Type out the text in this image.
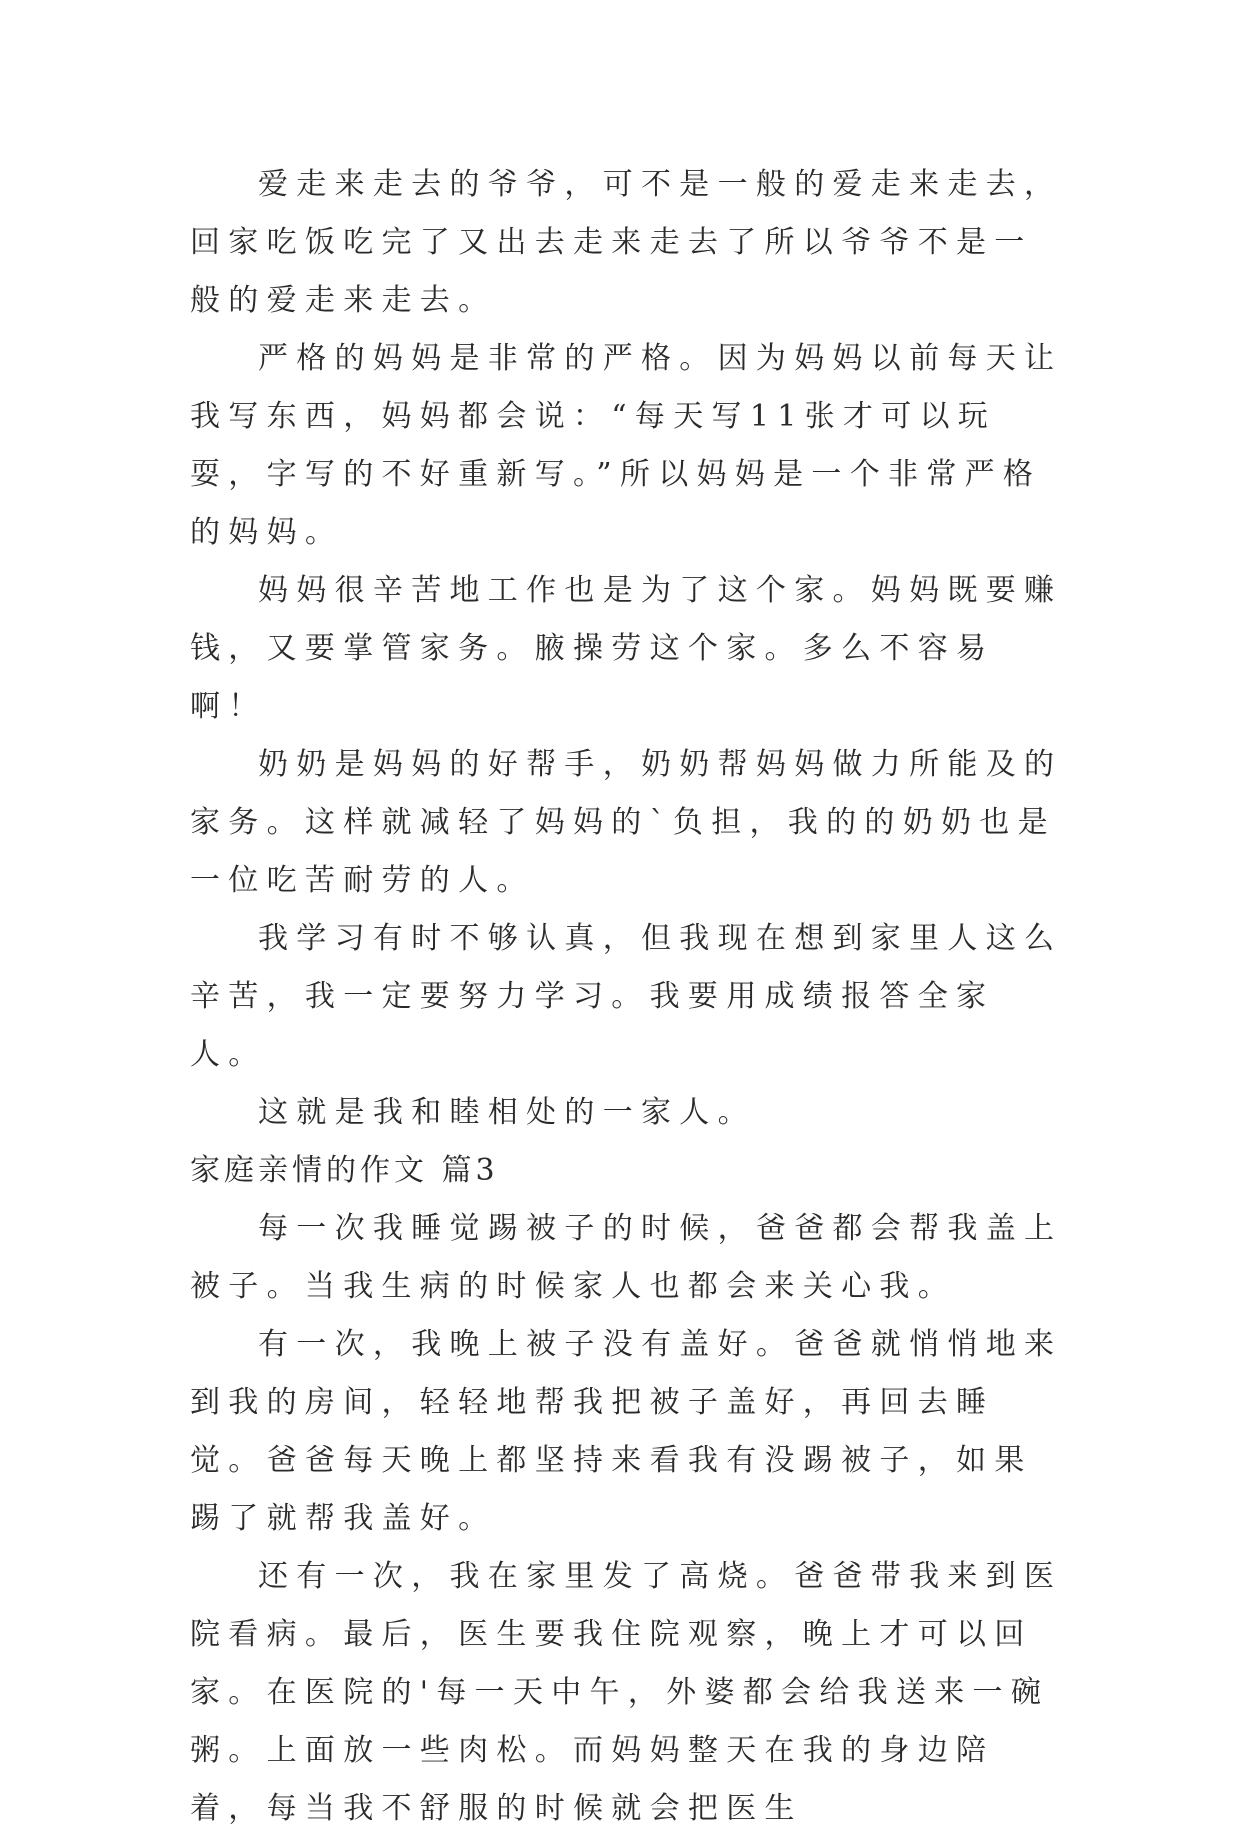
爱走来走去的爷爷，可不是一般的爱走来走去，回家吃饭吃完了又出去走来走去了所以爷爷不是一般的爱走来走去。

严格的妈妈是非常的严格。因为妈妈以前每天让我写东西，妈妈都会说：“每天写11张才可以玩耍，字写的不好重新写。”所以妈妈是一个非常严格的妈妈。

妈妈很辛苦地工作也是为了这个家。妈妈既要赚钱，又要掌管家务。腋操劳这个家。多么不容易啊！

奶奶是妈妈的好帮手，奶奶帮妈妈做力所能及的家务。这样就减轻了妈妈的`负担，我的的奶奶也是一位吃苦耐劳的人。

我学习有时不够认真，但我现在想到家里人这么辛苦，我一定要努力学习。我要用成绩报答全家人。

这就是我和睦相处的一家人。

家庭亲情的作文 篇3

每一次我睡觉踢被子的时候，爸爸都会帮我盖上被子。当我生病的时候家人也都会来关心我。

有一次，我晚上被子没有盖好。爸爸就悄悄地来到我的房间，轻轻地帮我把被子盖好，再回去睡觉。爸爸每天晚上都坚持来看我有没踢被子，如果踢了就帮我盖好。

还有一次，我在家里发了高烧。爸爸带我来到医院看病。最后，医生要我住院观察，晚上才可以回家。在医院的'每一天中午，外婆都会给我送来一碗粥。上面放一些肉松。而妈妈整天在我的身边陪着，每当我不舒服的时候就会把医生
